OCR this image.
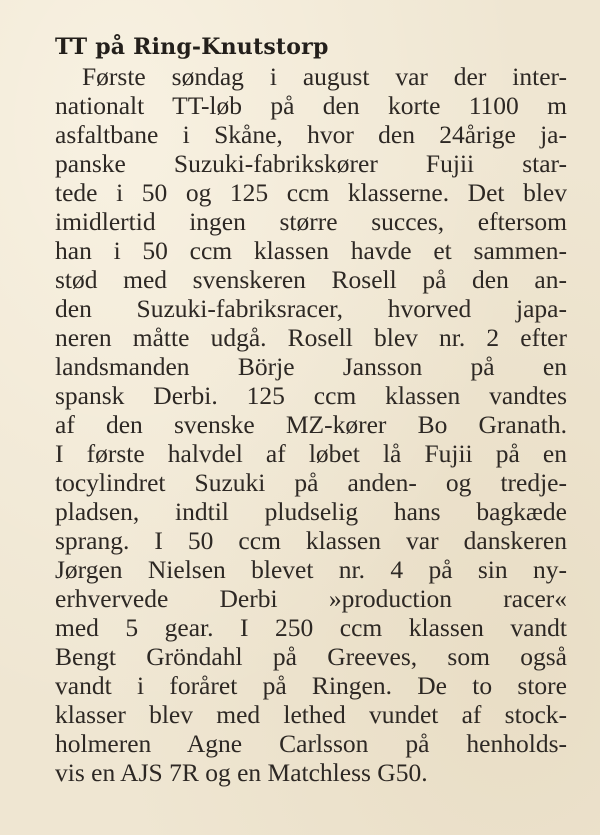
TT på Ring-Knutstorp
Første søndag i august var der inter-
nationalt TT-løb på den korte 1100 m
asfaltbane i Skåne, hvor den 24årige ja-
panske Suzuki-fabrikskører Fujii star-
tede i 50 og 125 ccm klasserne. Det blev
imidlertid ingen større succes, eftersom
han i 50 ccm klassen havde et sammen-
stød med svenskeren Rosell på den an-
den Suzuki-fabriksracer, hvorved japa-
neren måtte udgå. Rosell blev nr. 2 efter
landsmanden Börje Jansson på en
spansk Derbi. 125 ccm klassen vandtes
af den svenske MZ-kører Bo Granath.
I første halvdel af løbet lå Fujii på en
tocylindret Suzuki på anden- og tredje-
pladsen, indtil pludselig hans bagkæde
sprang. I 50 ccm klassen var danskeren
Jørgen Nielsen blevet nr. 4 på sin ny-
erhvervede Derbi »production racer«
med 5 gear. I 250 ccm klassen vandt
Bengt Gröndahl på Greeves, som også
vandt i foråret på Ringen. De to store
klasser blev med lethed vundet af stock-
holmeren Agne Carlsson på henholds-
vis en AJS 7R og en Matchless G50.
